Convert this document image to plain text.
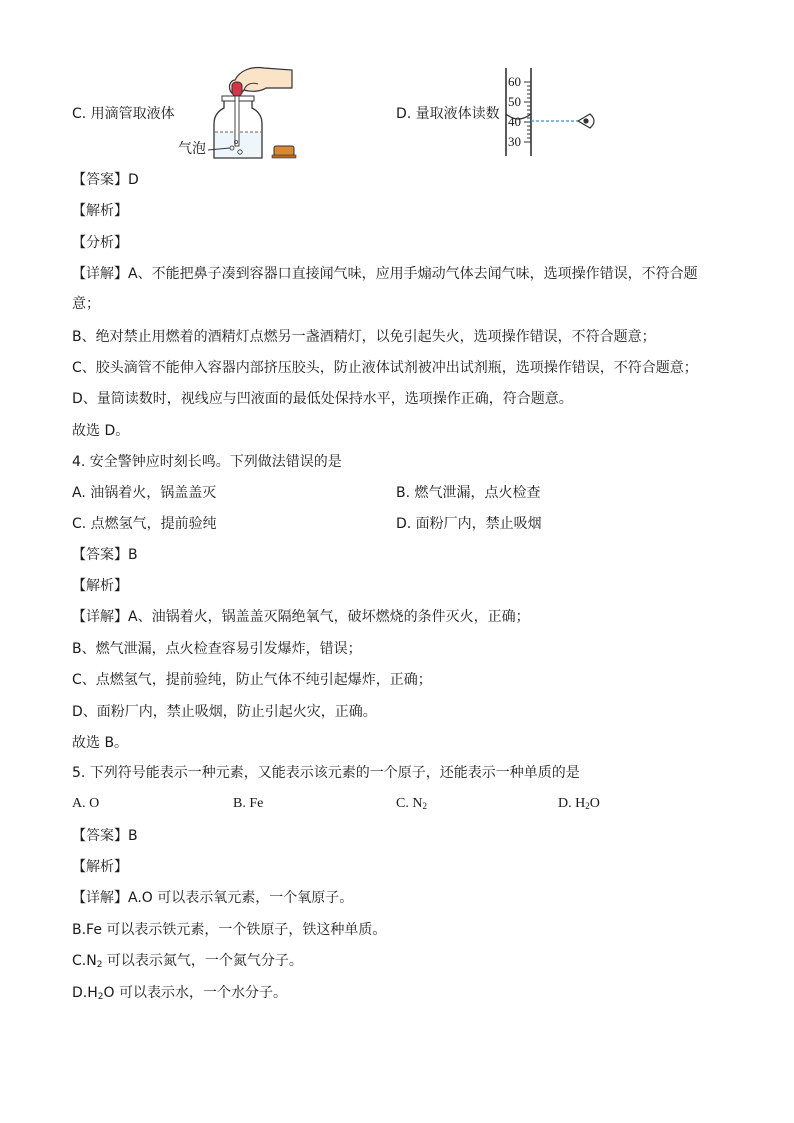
C. 用滴管取液体
气泡
D. 量取液体读数
60
50
40
30
【答案】D
【解析】
【分析】
【详解】A、不能把鼻子凑到容器口直接闻气味，应用手煽动气体去闻气味，选项操作错误，不符合题
意；
B、绝对禁止用燃着的酒精灯点燃另一盏酒精灯，以免引起失火，选项操作错误，不符合题意；
C、胶头滴管不能伸入容器内部挤压胶头，防止液体试剂被冲出试剂瓶，选项操作错误，不符合题意；
D、量筒读数时，视线应与凹液面的最低处保持水平，选项操作正确，符合题意。
故选 D。
4. 安全警钟应时刻长鸣。下列做法错误的是
A. 油锅着火，锅盖盖灭	B. 燃气泄漏，点火检查
C. 点燃氢气，提前验纯	D. 面粉厂内，禁止吸烟
【答案】B
【解析】
【详解】A、油锅着火，锅盖盖灭隔绝氧气，破坏燃烧的条件灭火，正确；
B、燃气泄漏，点火检查容易引发爆炸，错误；
C、点燃氢气，提前验纯，防止气体不纯引起爆炸，正确；
D、面粉厂内，禁止吸烟，防止引起火灾，正确。
故选 B。
5. 下列符号能表示一种元素，又能表示该元素的一个原子，还能表示一种单质的是
A. O	B. Fe	C. $N_2$	D. $H_2O$
【答案】B
【解析】
【详解】A.O 可以表示氧元素，一个氧原子。
B.Fe 可以表示铁元素，一个铁原子，铁这种单质。
$C.N_2$ 可以表示氮气，一个氮气分子。
$D.H_2O$ 可以表示水，一个水分子。
